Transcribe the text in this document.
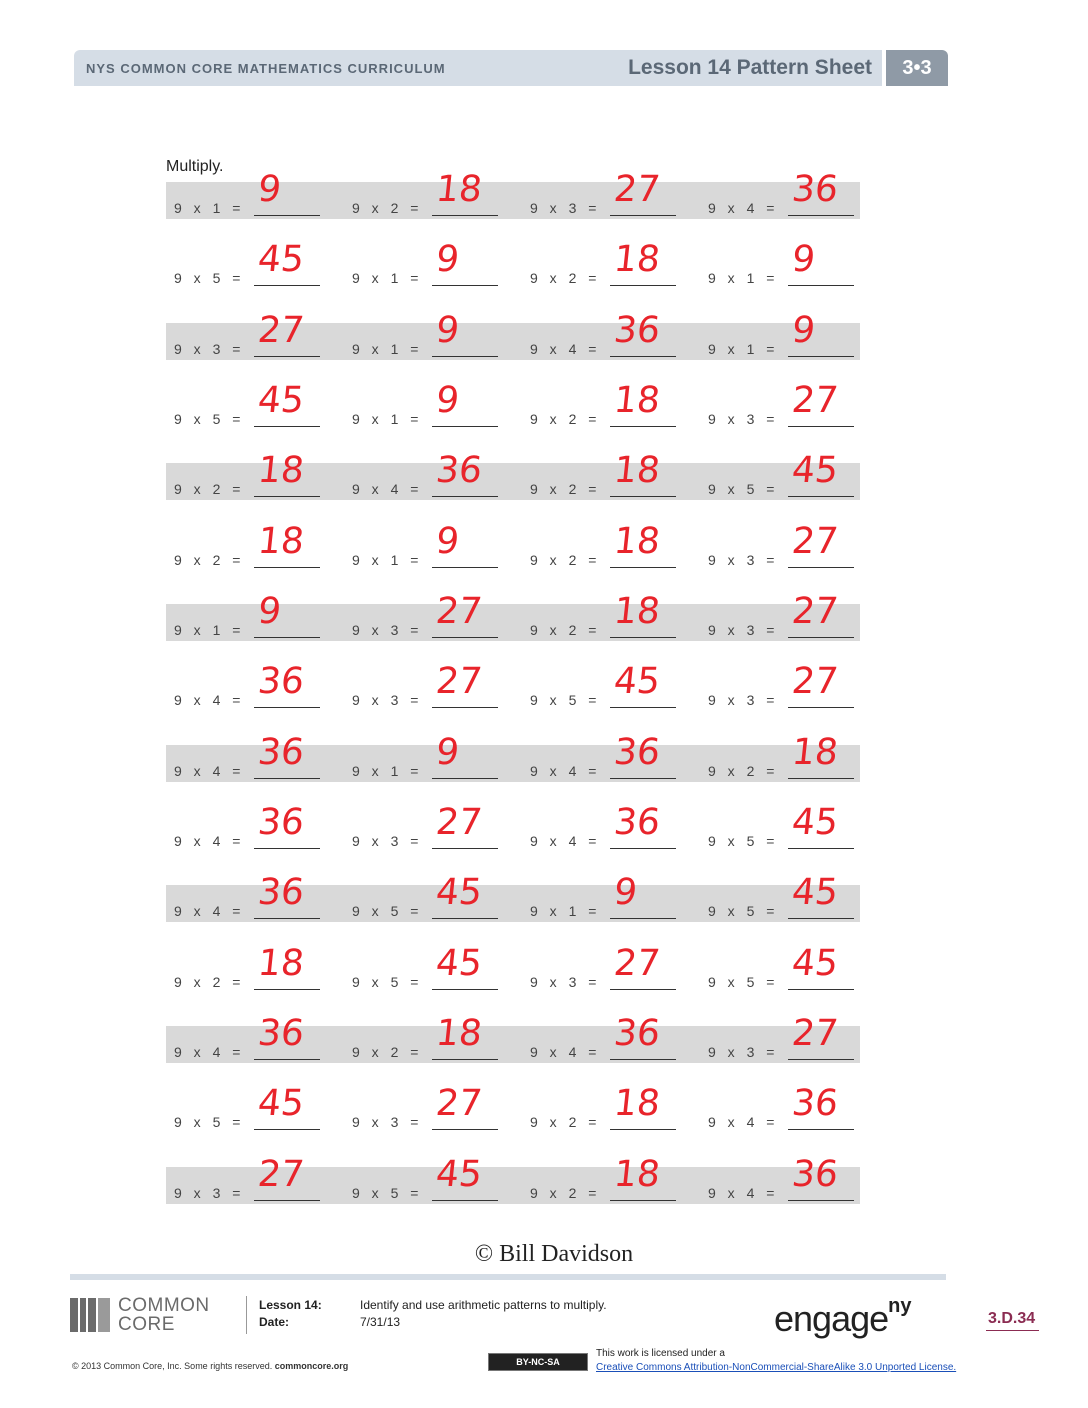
NYS COMMON CORE MATHEMATICS CURRICULUM	Lesson 14 Pattern Sheet	3•3
Multiply.
9 x 1 = 9	9 x 2 = 18	9 x 3 = 27	9 x 4 = 36
9 x 5 = 45	9 x 1 = 9	9 x 2 = 18	9 x 1 = 9
9 x 3 = 27	9 x 1 = 9	9 x 4 = 36	9 x 1 = 9
9 x 5 = 45	9 x 1 = 9	9 x 2 = 18	9 x 3 = 27
9 x 2 = 18	9 x 4 = 36	9 x 2 = 18	9 x 5 = 45
9 x 2 = 18	9 x 1 = 9	9 x 2 = 18	9 x 3 = 27
9 x 1 = 9	9 x 3 = 27	9 x 2 = 18	9 x 3 = 27
9 x 4 = 36	9 x 3 = 27	9 x 5 = 45	9 x 3 = 27
9 x 4 = 36	9 x 1 = 9	9 x 4 = 36	9 x 2 = 18
9 x 4 = 36	9 x 3 = 27	9 x 4 = 36	9 x 5 = 45
9 x 4 = 36	9 x 5 = 45	9 x 1 = 9	9 x 5 = 45
9 x 2 = 18	9 x 5 = 45	9 x 3 = 27	9 x 5 = 45
9 x 4 = 36	9 x 2 = 18	9 x 4 = 36	9 x 3 = 27
9 x 5 = 45	9 x 3 = 27	9 x 2 = 18	9 x 4 = 36
9 x 3 = 27	9 x 5 = 45	9 x 2 = 18	9 x 4 = 36
© Bill Davidson
COMMON
CORE
Lesson 14:	Identify and use arithmetic patterns to multiply.
Date:	7/31/13	engage$^{ny}$
3.D.34
© 2013 Common Core, Inc. Some rights reserved. commoncore.org	BY-NC-SA
This work is licensed under a
Creative Commons Attribution-NonCommercial-ShareAlike 3.0 Unported License.
